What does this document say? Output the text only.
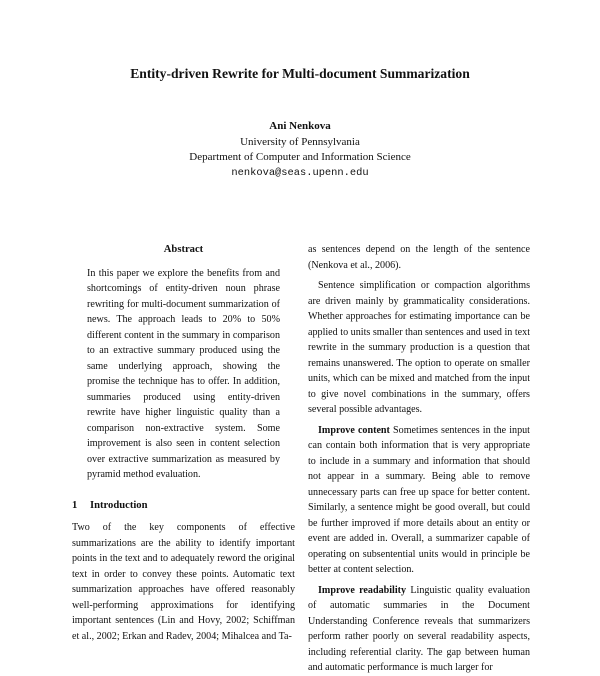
Entity-driven Rewrite for Multi-document Summarization
Ani Nenkova
University of Pennsylvania
Department of Computer and Information Science
nenkova@seas.upenn.edu
Abstract

In this paper we explore the benefits from and shortcomings of entity-driven noun phrase rewriting for multi-document summarization of news. The approach leads to 20% to 50% different content in the summary in comparison to an extractive summary produced using the same underlying approach, showing the promise the technique has to offer. In addition, summaries produced using entity-driven rewrite have higher linguistic quality than a comparison non-extractive system. Some improvement is also seen in content selection over extractive summarization as measured by pyramid method evaluation.

1 Introduction

Two of the key components of effective summarizations are the ability to identify important points in the text and to adequately reword the original text in order to convey these points. Automatic text summarization approaches have offered reasonably well-performing approximations for identifying important sentences (Lin and Hovy, 2002; Schiffman et al., 2002; Erkan and Radev, 2004; Mihalcea and Ta-

as sentences depend on the length of the sentence (Nenkova et al., 2006).

Sentence simplification or compaction algorithms are driven mainly by grammaticality considerations. Whether approaches for estimating importance can be applied to units smaller than sentences and used in text rewrite in the summary production is a question that remains unanswered. The option to operate on smaller units, which can be mixed and matched from the input to give novel combinations in the summary, offers several possible advantages.

Improve content Sometimes sentences in the input can contain both information that is very appropriate to include in a summary and information that should not appear in a summary. Being able to remove unnecessary parts can free up space for better content. Similarly, a sentence might be good overall, but could be further improved if more details about an entity or event are added in. Overall, a summarizer capable of operating on subsentential units would in principle be better at content selection.

Improve readability Linguistic quality evaluation of automatic summaries in the Document Understanding Conference reveals that summarizers perform rather poorly on several readability aspects, including referential clarity. The gap between human and automatic performance is much larger for
